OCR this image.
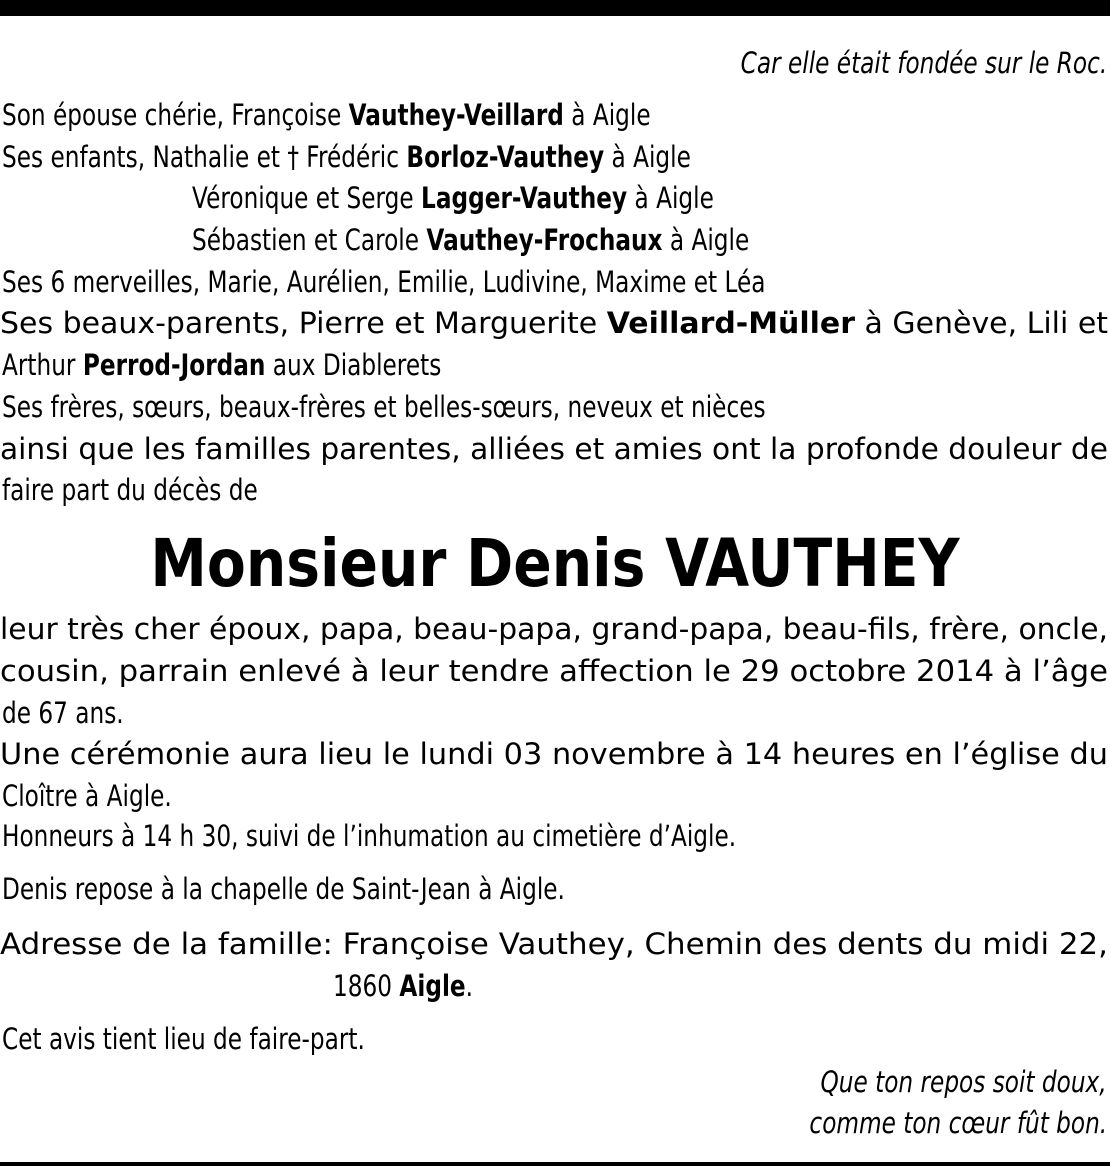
Car elle était fondée sur le Roc.
Son épouse chérie, Françoise Vauthey-Veillard à Aigle
Ses enfants, Nathalie et † Frédéric Borloz-Vauthey à Aigle
Véronique et Serge Lagger-Vauthey à Aigle
Sébastien et Carole Vauthey-Frochaux à Aigle
Ses 6 merveilles, Marie, Aurélien, Emilie, Ludivine, Maxime et Léa
Ses beaux-parents, Pierre et Marguerite Veillard-Müller à Genève, Lili et
Arthur Perrod-Jordan aux Diablerets
Ses frères, sœurs, beaux-frères et belles-sœurs, neveux et nièces
ainsi que les familles parentes, alliées et amies ont la profonde douleur de
faire part du décès de
Monsieur Denis VAUTHEY
leur très cher époux, papa, beau-papa, grand-papa, beau-fils, frère, oncle,
cousin, parrain enlevé à leur tendre affection le 29 octobre 2014 à l’âge
de 67 ans.
Une cérémonie aura lieu le lundi 03 novembre à 14 heures en l’église du
Cloître à Aigle.
Honneurs à 14 h 30, suivi de l’inhumation au cimetière d’Aigle.
Denis repose à la chapelle de Saint-Jean à Aigle.
Adresse de la famille: Françoise Vauthey, Chemin des dents du midi 22,
1860 Aigle.
Cet avis tient lieu de faire-part.
Que ton repos soit doux,
comme ton cœur fût bon.
